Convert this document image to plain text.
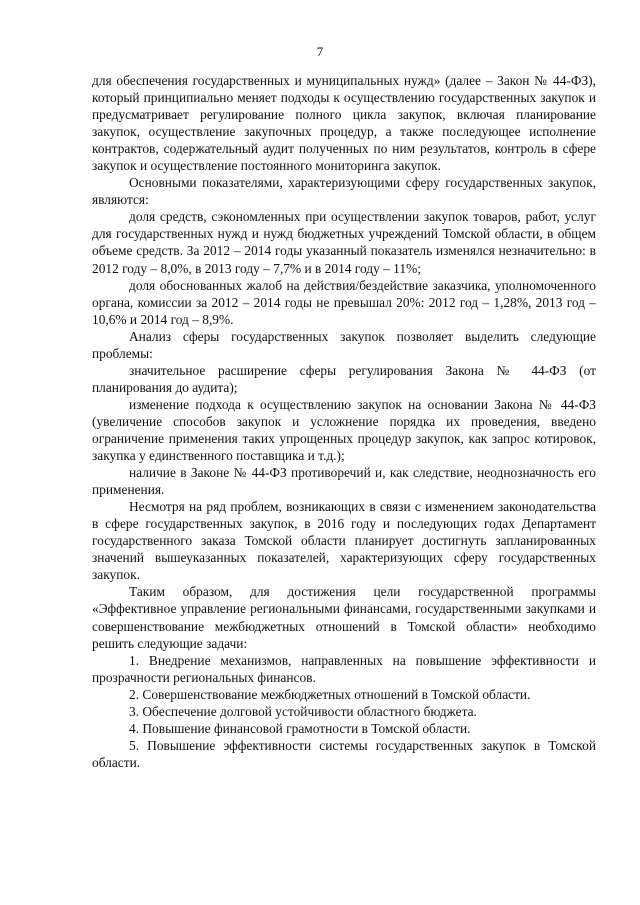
7

для обеспечения государственных и муниципальных нужд» (далее – Закон № 44-ФЗ), который принципиально меняет подходы к осуществлению государственных закупок и предусматривает регулирование полного цикла закупок, включая планирование закупок, осуществление закупочных процедур, а также последующее исполнение контрактов, содержательный аудит полученных по ним результатов, контроль в сфере закупок и осуществление постоянного мониторинга закупок.

Основными показателями, характеризующими сферу государственных закупок, являются:

доля средств, сэкономленных при осуществлении закупок товаров, работ, услуг для государственных нужд и нужд бюджетных учреждений Томской области, в общем объеме средств. За 2012 – 2014 годы указанный показатель изменялся незначительно: в 2012 году – 8,0%, в 2013 году – 7,7% и в 2014 году – 11%;

доля обоснованных жалоб на действия/бездействие заказчика, уполномоченного органа, комиссии за 2012 – 2014 годы не превышал 20%: 2012 год – 1,28%, 2013 год – 10,6% и 2014 год – 8,9%.

Анализ сферы государственных закупок позволяет выделить следующие проблемы:

значительное расширение сферы регулирования Закона № 44-ФЗ (от планирования до аудита);

изменение подхода к осуществлению закупок на основании Закона № 44-ФЗ (увеличение способов закупок и усложнение порядка их проведения, введено ограничение применения таких упрощенных процедур закупок, как запрос котировок, закупка у единственного поставщика и т.д.);

наличие в Законе № 44-ФЗ противоречий и, как следствие, неоднозначность его применения.

Несмотря на ряд проблем, возникающих в связи с изменением законодательства в сфере государственных закупок, в 2016 году и последующих годах Департамент государственного заказа Томской области планирует достигнуть запланированных значений вышеуказанных показателей, характеризующих сферу государственных закупок.

Таким образом, для достижения цели государственной программы «Эффективное управление региональными финансами, государственными закупками и совершенствование межбюджетных отношений в Томской области» необходимо решить следующие задачи:

1. Внедрение механизмов, направленных на повышение эффективности и прозрачности региональных финансов.

2. Совершенствование межбюджетных отношений в Томской области.

3. Обеспечение долговой устойчивости областного бюджета.

4. Повышение финансовой грамотности в Томской области.

5. Повышение эффективности системы государственных закупок в Томской области.
